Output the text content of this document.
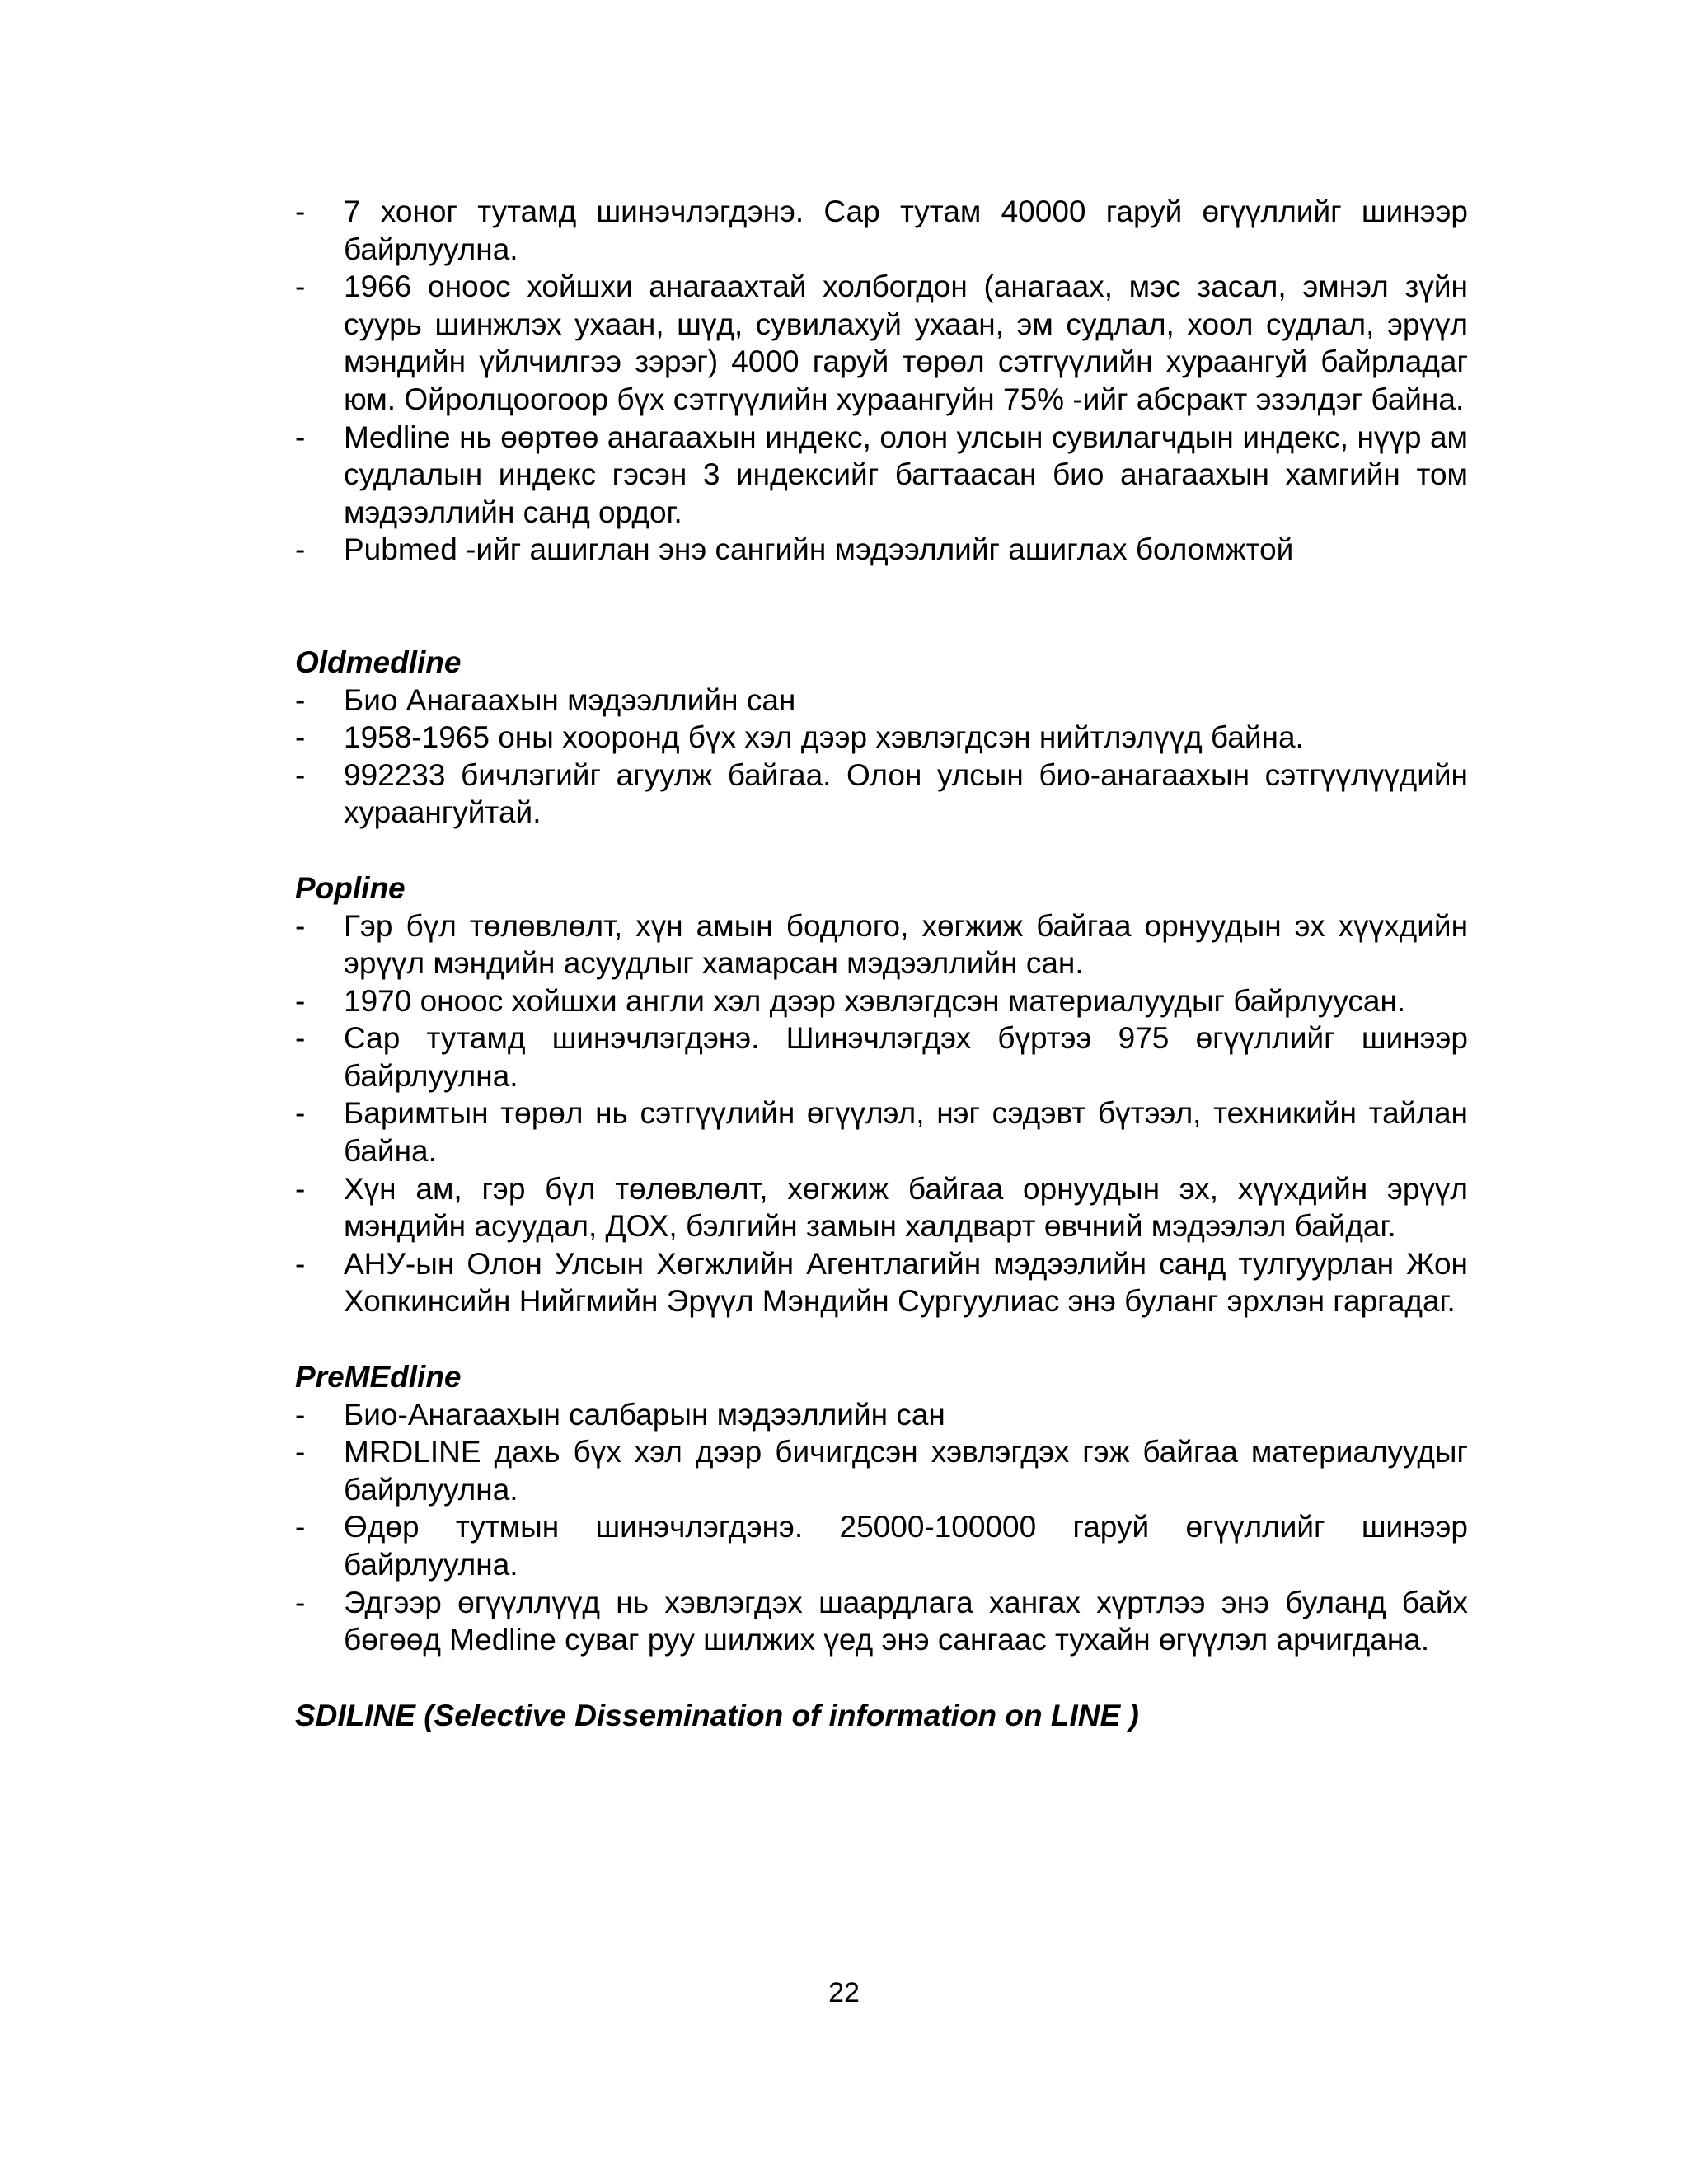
-	7 хоног тутамд шинэчлэгдэнэ. Сар тутам 40000 гаруй өгүүллийг шинээр байрлуулна.
-	1966 оноос хойшхи анагаахтай холбогдон (анагаах, мэс засал, эмнэл зүйн суурь шинжлэх ухаан, шүд, сувилахуй ухаан, эм судлал, хоол судлал, эрүүл мэндийн үйлчилгээ зэрэг) 4000 гаруй төрөл сэтгүүлийн хураангуй байрладаг юм. Ойролцоогоор бүх сэтгүүлийн хураангуйн 75% -ийг абсракт эзэлдэг байна.
-	Medline нь өөртөө анагаахын индекс, олон улсын сувилагчдын индекс, нүүр ам судлалын индекс гэсэн 3 индексийг багтаасан био анагаахын хамгийн том мэдээллийн санд ордог.
-	Pubmed -ийг ашиглан энэ сангийн мэдээллийг ашиглах боломжтой
Oldmedline
-	Био Анагаахын мэдээллийн сан
-	1958-1965 оны хооронд бүх хэл дээр хэвлэгдсэн нийтлэлүүд байна.
-	992233 бичлэгийг агуулж байгаа. Олон улсын био-анагаахын сэтгүүлүүдийн хураангуйтай.
Popline
-	Гэр бүл төлөвлөлт, хүн амын бодлого, хөгжиж байгаа орнуудын эх хүүхдийн эрүүл мэндийн асуудлыг хамарсан мэдээллийн сан.
-	1970 оноос хойшхи англи хэл дээр хэвлэгдсэн материалуудыг байрлуусан.
-	Сар тутамд шинэчлэгдэнэ. Шинэчлэгдэх бүртээ 975 өгүүллийг шинээр байрлуулна.
-	Баримтын төрөл нь сэтгүүлийн өгүүлэл, нэг сэдэвт бүтээл, техникийн тайлан байна.
-	Хүн ам, гэр бүл төлөвлөлт, хөгжиж байгаа орнуудын эх, хүүхдийн эрүүл мэндийн асуудал, ДОХ, бэлгийн замын халдварт өвчний мэдээлэл байдаг.
-	АНУ-ын Олон Улсын Хөгжлийн Агентлагийн мэдээлийн санд тулгуурлан Жон Хопкинсийн Нийгмийн Эрүүл Мэндийн Сургуулиас энэ буланг эрхлэн гаргадаг.
PreMEdline
-	Био-Анагаахын салбарын мэдээллийн сан
-	MRDLINE дахь бүх хэл дээр бичигдсэн хэвлэгдэх гэж байгаа материалуудыг байрлуулна.
-	Өдөр тутмын шинэчлэгдэнэ. 25000-100000 гаруй өгүүллийг шинээр байрлуулна.
-	Эдгээр өгүүллүүд нь хэвлэгдэх шаардлага хангах хүртлээ энэ буланд байх бөгөөд Medline суваг руу шилжих үед энэ сангаас тухайн өгүүлэл арчигдана.
SDILINE (Selective Dissemination of information on LINE )
22
